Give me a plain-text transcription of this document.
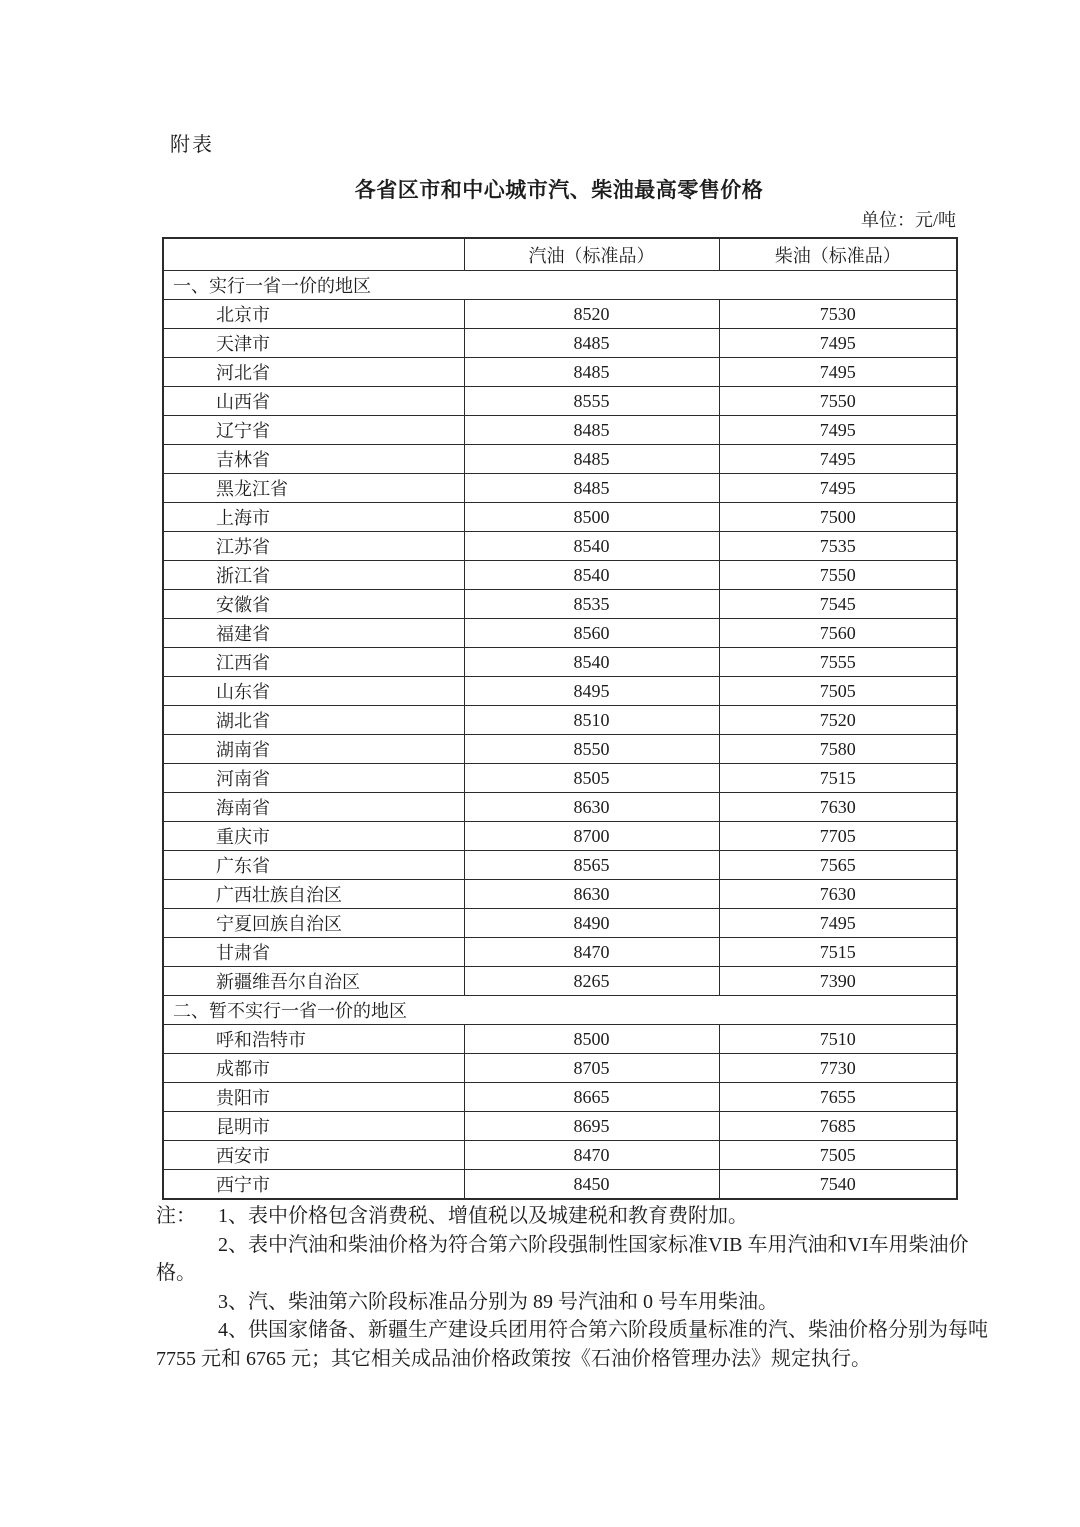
附表
各省区市和中心城市汽、柴油最高零售价格
单位：元/吨
	汽油（标准品）	柴油（标准品）
一、实行一省一价的地区		
北京市	8520	7530
天津市	8485	7495
河北省	8485	7495
山西省	8555	7550
辽宁省	8485	7495
吉林省	8485	7495
黑龙江省	8485	7495
上海市	8500	7500
江苏省	8540	7535
浙江省	8540	7550
安徽省	8535	7545
福建省	8560	7560
江西省	8540	7555
山东省	8495	7505
湖北省	8510	7520
湖南省	8550	7580
河南省	8505	7515
海南省	8630	7630
重庆市	8700	7705
广东省	8565	7565
广西壮族自治区	8630	7630
宁夏回族自治区	8490	7495
甘肃省	8470	7515
新疆维吾尔自治区	8265	7390
二、暂不实行一省一价的地区		
呼和浩特市	8500	7510
成都市	8705	7730
贵阳市	8665	7655
昆明市	8695	7685
西安市	8470	7505
西宁市	8450	7540

注： 1、表中价格包含消费税、增值税以及城建税和教育费附加。

2、表中汽油和柴油价格为符合第六阶段强制性国家标准VIB 车用汽油和VI车用柴油价格。

3、汽、柴油第六阶段标准品分别为 89 号汽油和 0 号车用柴油。

4、供国家储备、新疆生产建设兵团用符合第六阶段质量标准的汽、柴油价格分别为每吨 7755 元和 6765 元；其它相关成品油价格政策按《石油价格管理办法》规定执行。
